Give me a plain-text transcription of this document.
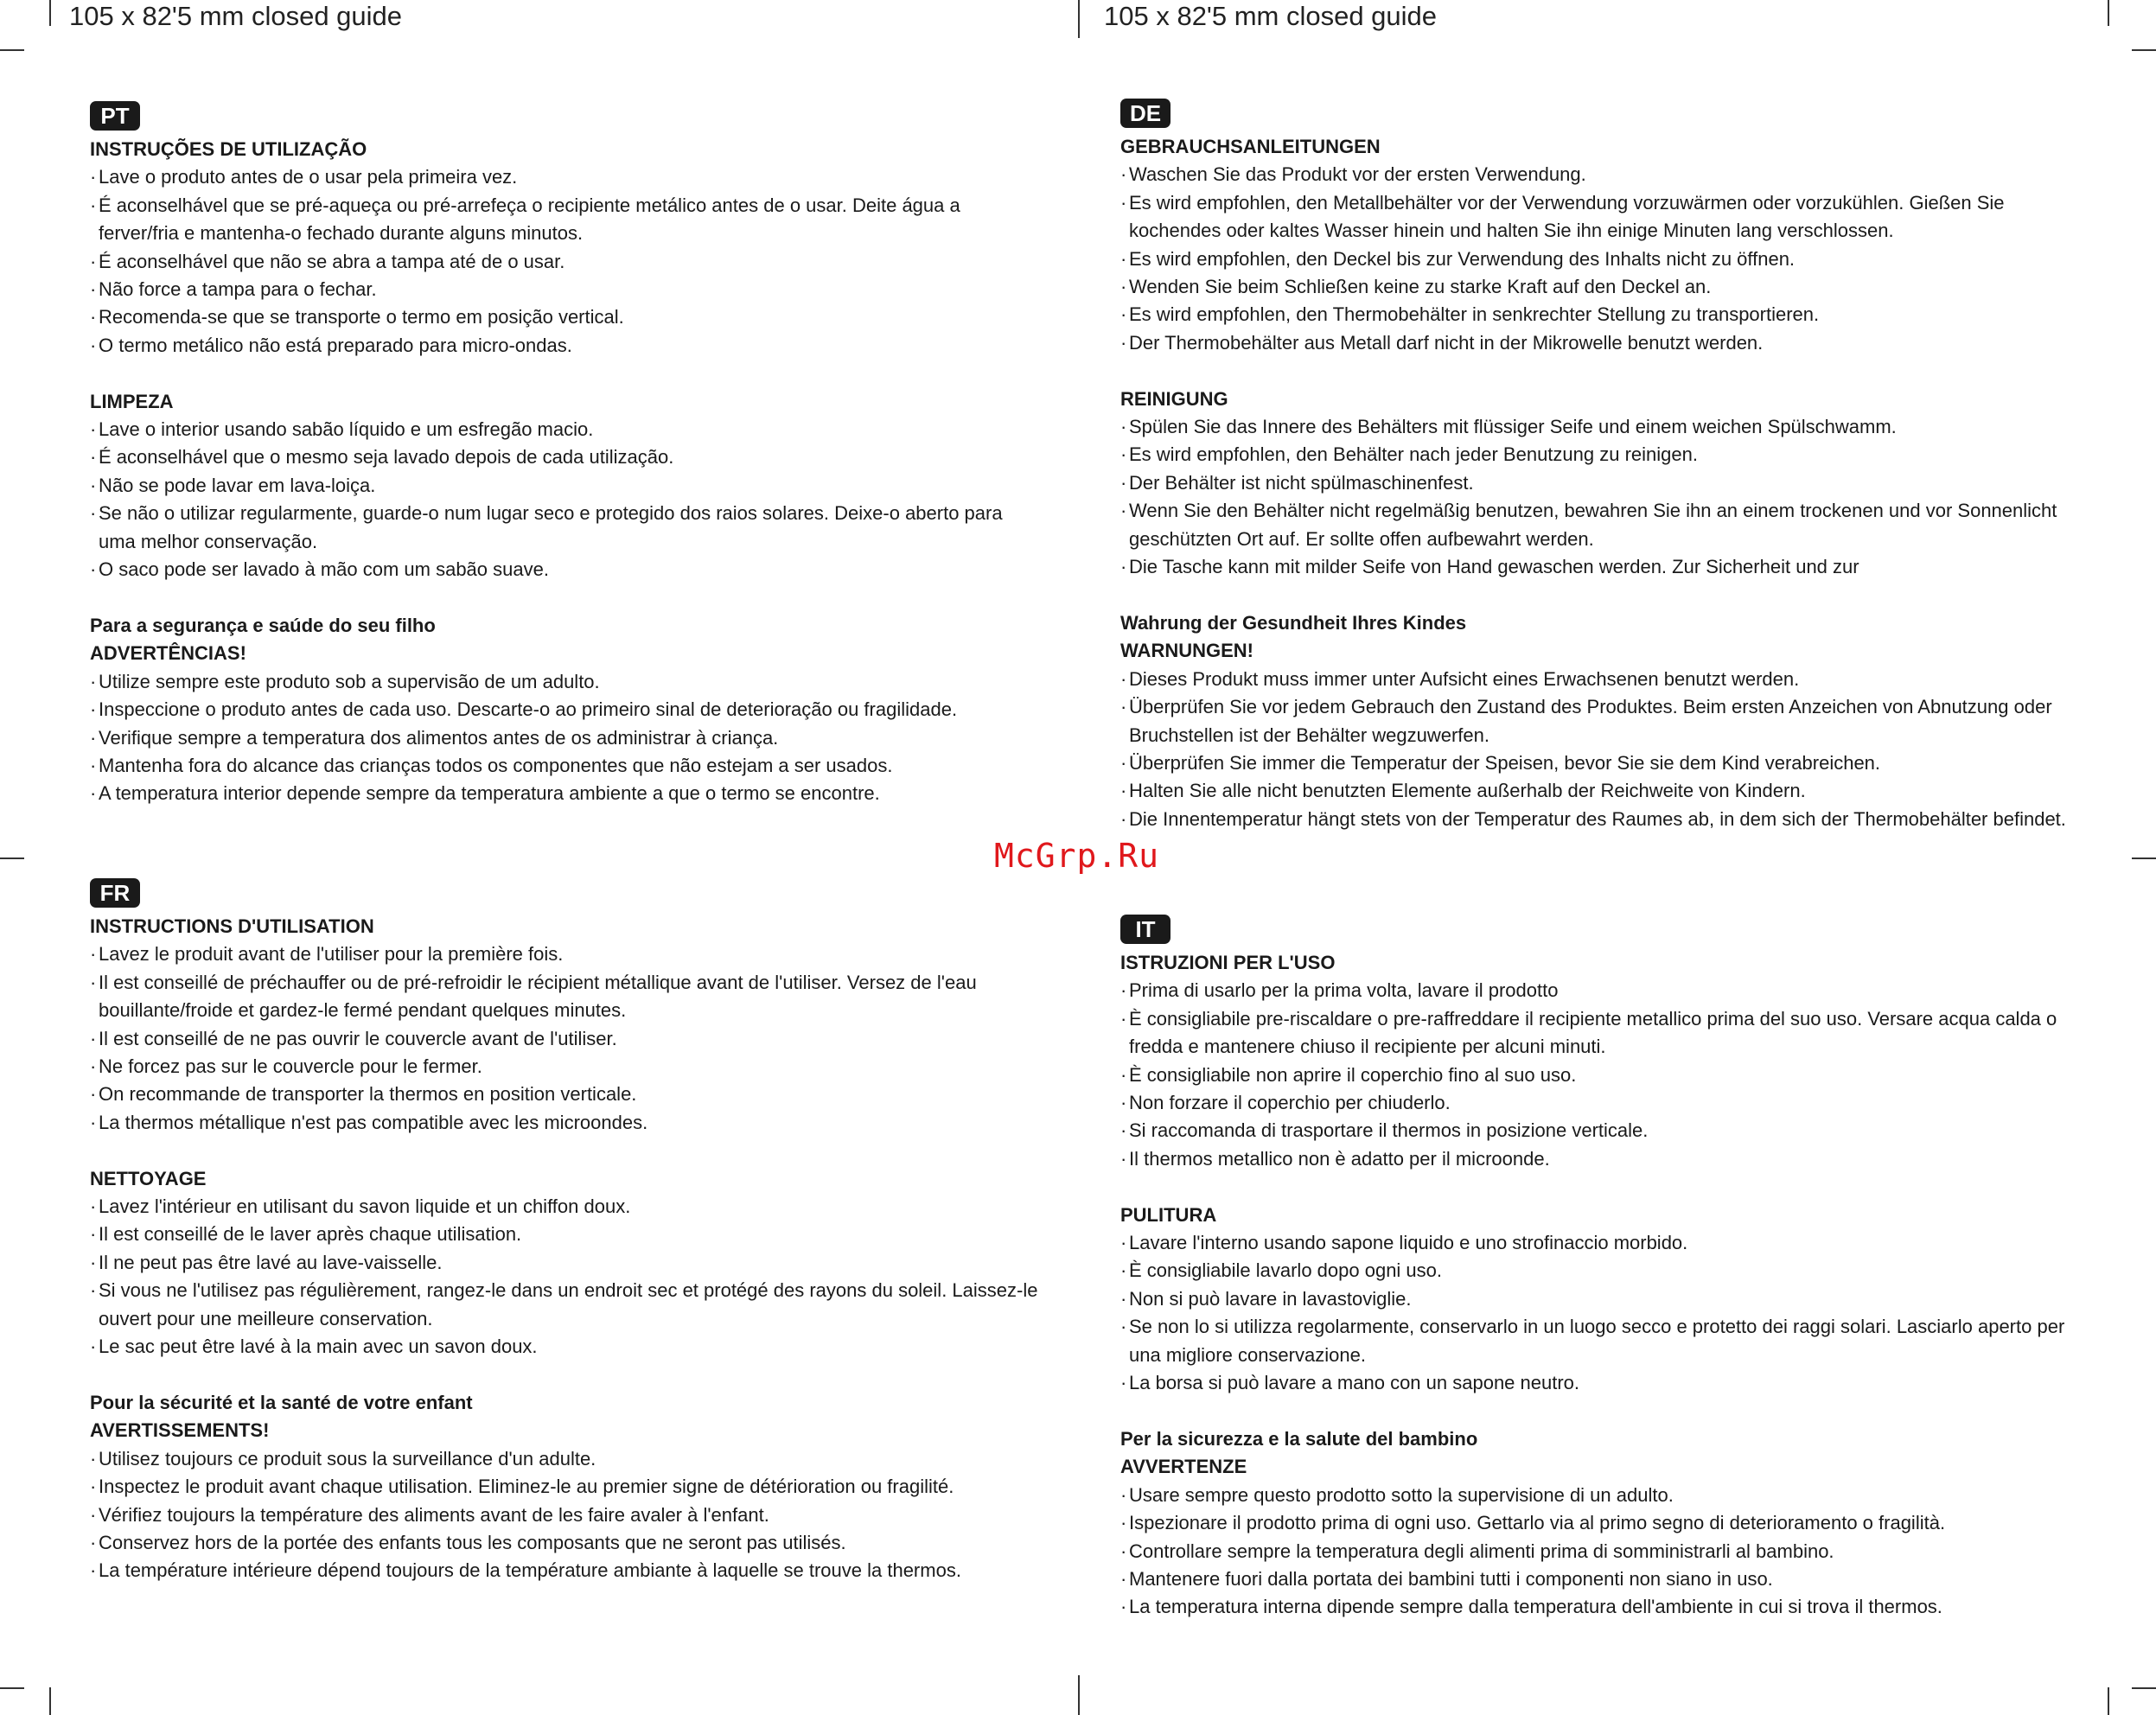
105 x 82'5 mm closed guide	105 x 82'5 mm closed guide
PT

INSTRUÇÕES DE UTILIZAÇÃO

· Lave o produto antes de o usar pela primeira vez.

· É aconselhável que se pré-aqueça ou pré-arrefeça o recipiente metálico antes de o usar. Deite água a ferver/fria e mantenha-o fechado durante alguns minutos.

· É aconselhável que não se abra a tampa até de o usar.

· Não force a tampa para o fechar.

· Recomenda-se que se transporte o termo em posição vertical.

· O termo metálico não está preparado para micro-ondas.

LIMPEZA

· Lave o interior usando sabão líquido e um esfregão macio.

· É aconselhável que o mesmo seja lavado depois de cada utilização.

· Não se pode lavar em lava-loiça.

· Se não o utilizar regularmente, guarde-o num lugar seco e protegido dos raios solares. Deixe-o aberto para uma melhor conservação.

· O saco pode ser lavado à mão com um sabão suave.

Para a segurança e saúde do seu filho

ADVERTÊNCIAS!

· Utilize sempre este produto sob a supervisão de um adulto.

· Inspeccione o produto antes de cada uso. Descarte-o ao primeiro sinal de deterioração ou fragilidade.

· Verifique sempre a temperatura dos alimentos antes de os administrar à criança.

· Mantenha fora do alcance das crianças todos os componentes que não estejam a ser usados.

· A temperatura interior depende sempre da temperatura ambiente a que o termo se encontre.

FR

INSTRUCTIONS D'UTILISATION

· Lavez le produit avant de l'utiliser pour la première fois.

· Il est conseillé de préchauffer ou de pré-refroidir le récipient métallique avant de l'utiliser. Versez de l'eau bouillante/froide et gardez-le fermé pendant quelques minutes.

· Il est conseillé de ne pas ouvrir le couvercle avant de l'utiliser.

· Ne forcez pas sur le couvercle pour le fermer.

· On recommande de transporter la thermos en position verticale.

· La thermos métallique n'est pas compatible avec les microondes.

NETTOYAGE

· Lavez l'intérieur en utilisant du savon liquide et un chiffon doux.

· Il est conseillé de le laver après chaque utilisation.

· Il ne peut pas être lavé au lave-vaisselle.

· Si vous ne l'utilisez pas régulièrement, rangez-le dans un endroit sec et protégé des rayons du soleil. Laissez-le ouvert pour une meilleure conservation.

· Le sac peut être lavé à la main avec un savon doux.

Pour la sécurité et la santé de votre enfant

AVERTISSEMENTS!

· Utilisez toujours ce produit sous la surveillance d'un adulte.

· Inspectez le produit avant chaque utilisation. Eliminez-le au premier signe de détérioration ou fragilité.

· Vérifiez toujours la température des aliments avant de les faire avaler à l'enfant.

· Conservez hors de la portée des enfants tous les composants que ne seront pas utilisés.

· La température intérieure dépend toujours de la température ambiante à laquelle se trouve la thermos.

DE

GEBRAUCHSANLEITUNGEN

· Waschen Sie das Produkt vor der ersten Verwendung.

· Es wird empfohlen, den Metallbehälter vor der Verwendung vorzuwärmen oder vorzukühlen. Gießen Sie kochendes oder kaltes Wasser hinein und halten Sie ihn einige Minuten lang verschlossen.

· Es wird empfohlen, den Deckel bis zur Verwendung des Inhalts nicht zu öffnen.

· Wenden Sie beim Schließen keine zu starke Kraft auf den Deckel an.

· Es wird empfohlen, den Thermobehälter in senkrechter Stellung zu transportieren.

· Der Thermobehälter aus Metall darf nicht in der Mikrowelle benutzt werden.

REINIGUNG

· Spülen Sie das Innere des Behälters mit flüssiger Seife und einem weichen Spülschwamm.

· Es wird empfohlen, den Behälter nach jeder Benutzung zu reinigen.

· Der Behälter ist nicht spülmaschinenfest.

· Wenn Sie den Behälter nicht regelmäßig benutzen, bewahren Sie ihn an einem trockenen und vor Sonnenlicht geschützten Ort auf. Er sollte offen aufbewahrt werden.

· Die Tasche kann mit milder Seife von Hand gewaschen werden. Zur Sicherheit und zur

Wahrung der Gesundheit Ihres Kindes

WARNUNGEN!

· Dieses Produkt muss immer unter Aufsicht eines Erwachsenen benutzt werden.

· Überprüfen Sie vor jedem Gebrauch den Zustand des Produktes. Beim ersten Anzeichen von Abnutzung oder Bruchstellen ist der Behälter wegzuwerfen.

· Überprüfen Sie immer die Temperatur der Speisen, bevor Sie sie dem Kind verabreichen.

· Halten Sie alle nicht benutzten Elemente außerhalb der Reichweite von Kindern.

· Die Innentemperatur hängt stets von der Temperatur des Raumes ab, in dem sich der Thermobehälter befindet.

IT

ISTRUZIONI PER L'USO

· Prima di usarlo per la prima volta, lavare il prodotto

· È consigliabile pre-riscaldare o pre-raffreddare il recipiente metallico prima del suo uso. Versare acqua calda o fredda e mantenere chiuso il recipiente per alcuni minuti.

· È consigliabile non aprire il coperchio fino al suo uso.

· Non forzare il coperchio per chiuderlo.

· Si raccomanda di trasportare il thermos in posizione verticale.

· Il thermos metallico non è adatto per il microonde.

PULITURA

· Lavare l'interno usando sapone liquido e uno strofinaccio morbido.

· È consigliabile lavarlo dopo ogni uso.

· Non si può lavare in lavastoviglie.

· Se non lo si utilizza regolarmente, conservarlo in un luogo secco e protetto dei raggi solari. Lasciarlo aperto per una migliore conservazione.

· La borsa si può lavare a mano con un sapone neutro.

Per la sicurezza e la salute del bambino

AVVERTENZE

· Usare sempre questo prodotto sotto la supervisione di un adulto.

· Ispezionare il prodotto prima di ogni uso. Gettarlo via al primo segno di deterioramento o fragilità.

· Controllare sempre la temperatura degli alimenti prima di somministrarli al bambino.

· Mantenere fuori dalla portata dei bambini tutti i componenti non siano in uso.

· La temperatura interna dipende sempre dalla temperatura dell'ambiente in cui si trova il thermos.

McGrp.Ru
